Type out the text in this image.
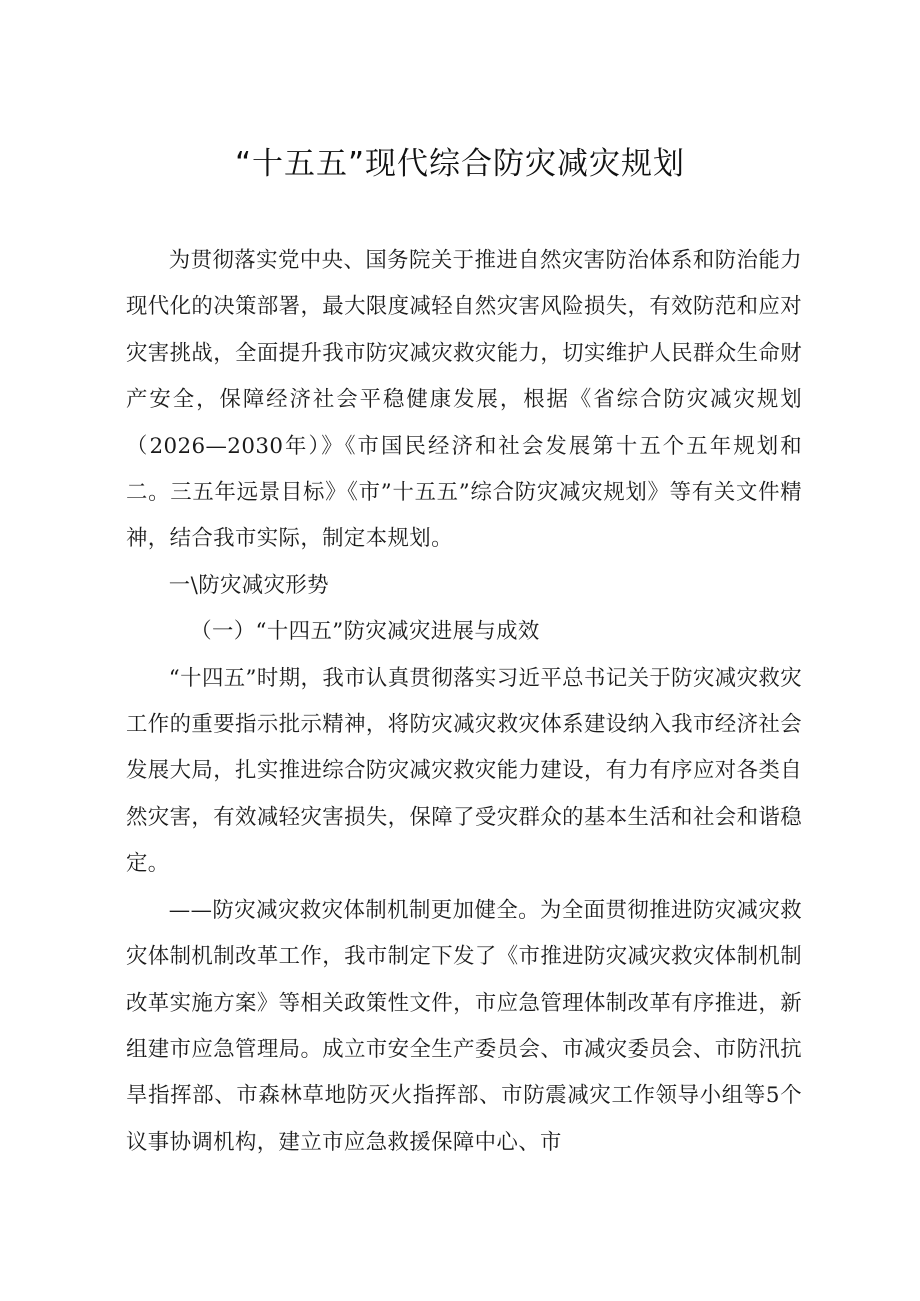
“十五五”现代综合防灾减灾规划

为贯彻落实党中央、国务院关于推进自然灾害防治体系和防治能力现代化的决策部署，最大限度减轻自然灾害风险损失，有效防范和应对灾害挑战，全面提升我市防灾减灾救灾能力，切实维护人民群众生命财产安全，保障经济社会平稳健康发展，根据《省综合防灾减灾规划（2026—2030年）》《市国民经济和社会发展第十五个五年规划和二。三五年远景目标》《市”十五五”综合防灾减灾规划》等有关文件精神，结合我市实际，制定本规划。

一\防灾减灾形势

（一）“十四五”防灾减灾进展与成效

“十四五”时期，我市认真贯彻落实习近平总书记关于防灾减灾救灾工作的重要指示批示精神，将防灾减灾救灾体系建设纳入我市经济社会发展大局，扎实推进综合防灾减灾救灾能力建设，有力有序应对各类自然灾害，有效减轻灾害损失，保障了受灾群众的基本生活和社会和谐稳定。

——防灾减灾救灾体制机制更加健全。为全面贯彻推进防灾减灾救灾体制机制改革工作，我市制定下发了《市推进防灾减灾救灾体制机制改革实施方案》等相关政策性文件，市应急管理体制改革有序推进，新组建市应急管理局。成立市安全生产委员会、市减灾委员会、市防汛抗旱指挥部、市森林草地防灭火指挥部、市防震减灾工作领导小组等5个议事协调机构，建立市应急救援保障中心、市
